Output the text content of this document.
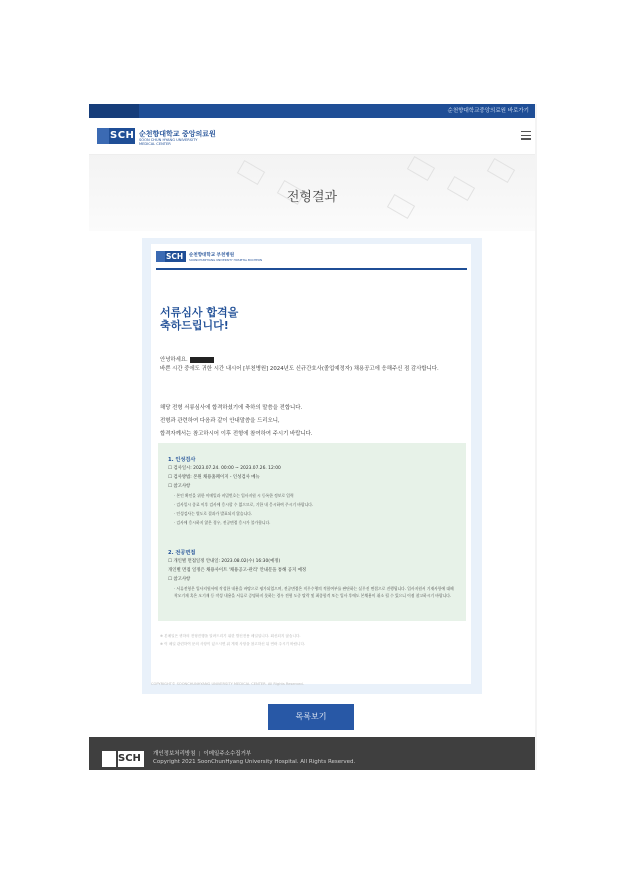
순천향대학교중앙의료원 바로가기
SCH 순천향대학교 중앙의료원
SOON CHUN HYANG UNIVERSITY
MEDICAL CENTER
전형결과
SCH 순천향대학교 부천병원
SOONCHUNHYANG UNIVERSITY HOSPITAL BUCHEON
서류심사 합격을
축하드립니다!
안녕하세요.
바쁜 시간 중에도 귀한 시간 내시어 [부천병원] 2024년도 신규간호사(졸업예정자) 채용공고에 응해주신 점 감사합니다.
해당 전형 서류심사에 합격하셨기에 축하의 말씀을 전합니다.
전형과 관련하여 다음과 같이 안내말씀을 드리오니,
합격자께서는 참고하시어 이후 전형에 참여하여 주시기 바랍니다.
1. 인성검사
☐ 검사일시: 2023.07.24. 00:00 ~ 2023.07.26. 12:00
☐ 검사방법: 본원 채용홈페이지 - 인성검사 메뉴
☐ 참고사항
· 본인 확인을 위한 이메일과 비밀번호는 입사지원 시 등록한 정보로 입력
· 검사일시 종료 이후 검사에 응시할 수 없으므로, 기한 내 응시하여 주시기 바랍니다.
· 인성검사는 별도로 결과가 발표되지 않습니다.
· 검사에 응시하지 않은 경우, 전공면접 응시가 불가합니다.
2. 전공면접
☐ 개인별 면접일정 안내일: 2023.08.02(수) 16:30(예정)
개인별 면접 일정은 채용사이트 '채용공고-관리' 안내문을 통해 공지 예정
☐ 참고사항
· 서류전형은 입사지원서에 작성한 내용을 바탕으로 평가되었으며, 전공면접은 직무수행의 적합여부를 판단하는 실무진 면접으로 진행됩니다. 입사지원서 기재사항에 대해 착오기재 혹은 오기재 등 작성 내용을 서류로 증명하지 못하는 경우 전형 도중 탈락 및 최종합격 또는 입사 후에도 본채용이 취소 될 수 있으니 이점 참고하시기 바랍니다.
※ 본메일은 귀하의 전형진행을 알려드리기 위한 발신전용 메일입니다. 회신되지 않습니다.
※ 이 메일 관련하여 문의 사항이 있으시면 위 게재 사항을 참고하신 뒤 연락 주시기 바랍니다.
COPYRIGHT© SOONCHUNHYANG UNIVERSITY MEDICAL CENTER. All Rights Reserved.
목록보기
SCH 개인정보처리방침 | 이메일주소수집거부
Copyright 2021 SoonChunHyang University Hospital. All Rights Reserved.
